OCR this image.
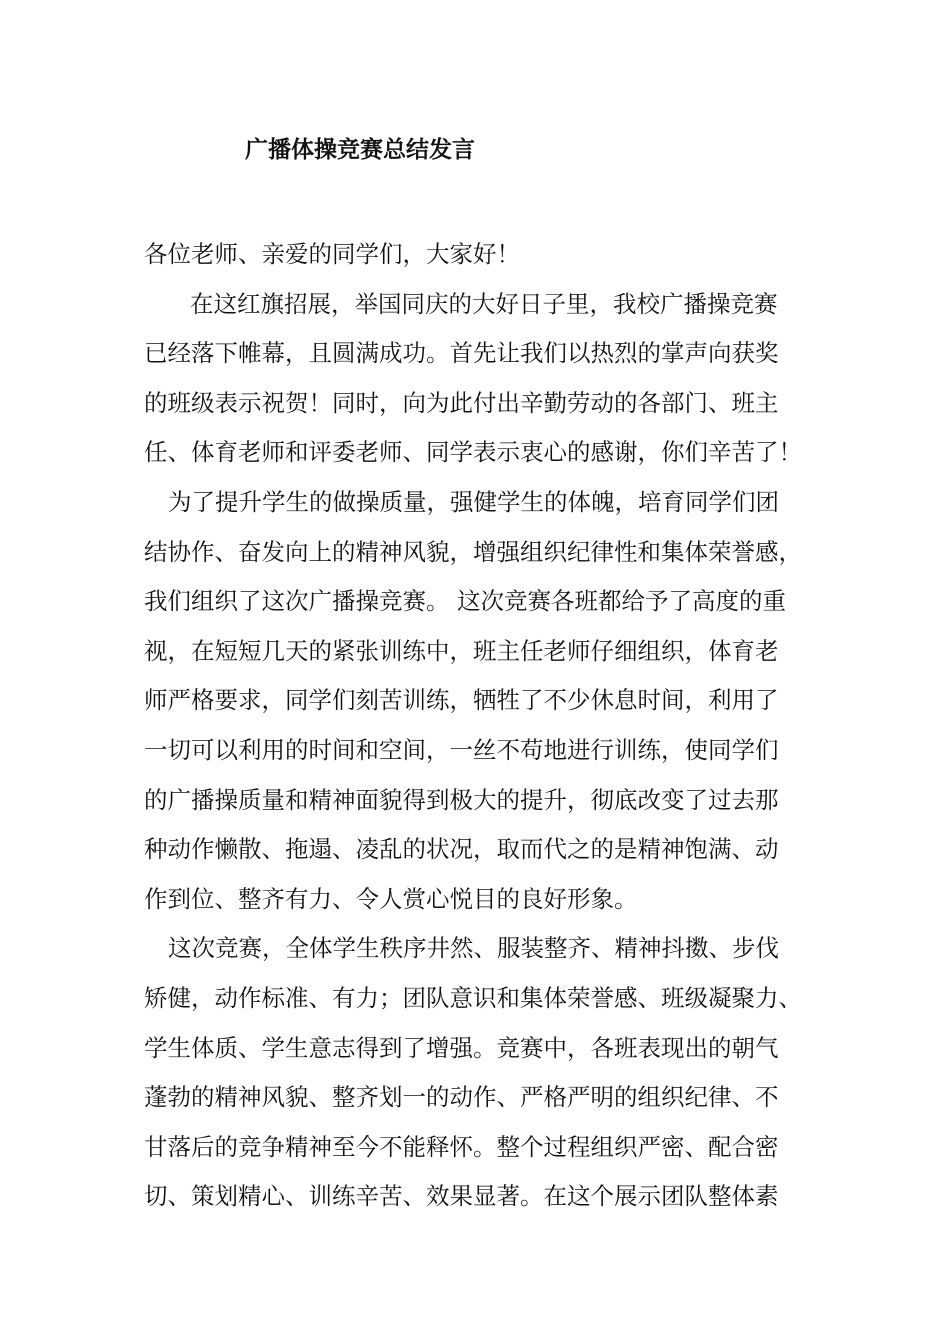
广播体操竞赛总结发言
各位老师、亲爱的同学们，大家好！
在这红旗招展，举国同庆的大好日子里，我校广播操竞赛
已经落下帷幕，且圆满成功。首先让我们以热烈的掌声向获奖
的班级表示祝贺！同时，向为此付出辛勤劳动的各部门、班主
任、体育老师和评委老师、同学表示衷心的感谢，你们辛苦了！
为了提升学生的做操质量，强健学生的体魄，培育同学们团
结协作、奋发向上的精神风貌，增强组织纪律性和集体荣誉感，
我们组织了这次广播操竞赛。 这次竞赛各班都给予了高度的重
视，在短短几天的紧张训练中，班主任老师仔细组织，体育老
师严格要求，同学们刻苦训练，牺牲了不少休息时间，利用了
一切可以利用的时间和空间，一丝不苟地进行训练，使同学们
的广播操质量和精神面貌得到极大的提升，彻底改变了过去那
种动作懒散、拖遢、凌乱的状况，取而代之的是精神饱满、动
作到位、整齐有力、令人赏心悦目的良好形象。
这次竞赛，全体学生秩序井然、服装整齐、精神抖擞、步伐
矫健，动作标准、有力；团队意识和集体荣誉感、班级凝聚力、
学生体质、学生意志得到了增强。竞赛中，各班表现出的朝气
蓬勃的精神风貌、整齐划一的动作、严格严明的组织纪律、不
甘落后的竞争精神至今不能释怀。整个过程组织严密、配合密
切、策划精心、训练辛苦、效果显著。在这个展示团队整体素
